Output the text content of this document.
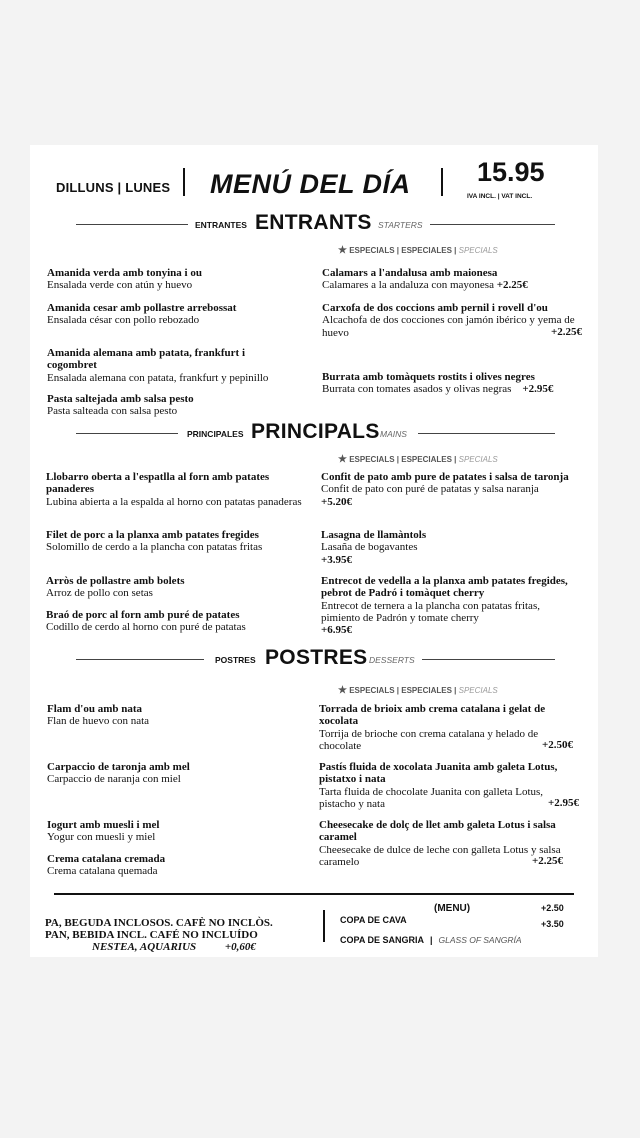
DILLUNS | LUNES MENÚ DEL DÍA 15.95
IVA INCL. | VAT INCL.
ENTRANTES ENTRANTS STARTERS
★ ESPECIALS | ESPECIALES | SPECIALS
Amanida verda amb tonyina i ou
Ensalada verde con atún y huevo
Amanida cesar amb pollastre arrebossat
Ensalada césar con pollo rebozado
Amanida alemana amb patata, frankfurt i cogombret
Ensalada alemana con patata, frankfurt y pepinillo
Pasta saltejada amb salsa pesto
Pasta salteada con salsa pesto
Calamars a l'andalusa amb maionesa
Calamares a la andaluza con mayonesa +2.25€
Carxofa de dos coccions amb pernil i rovell d'ou
Alcachofa de dos cocciones con jamón ibérico y yema de huevo	+2.25€
Burrata amb tomàquets rostits i olives negres
Burrata con tomates asados y olivas negras +2.95€
PRINCIPALES PRINCIPALS MAINS
★ ESPECIALS | ESPECIALES | SPECIALS
Llobarro oberta a l'espatlla al forn amb patates panaderes
Lubina abierta a la espalda al horno con patatas panaderas
Filet de porc a la planxa amb patates fregides
Solomillo de cerdo a la plancha con patatas fritas
Arròs de pollastre amb bolets
Arroz de pollo con setas
Braó de porc al forn amb puré de patates
Codillo de cerdo al horno con puré de patatas
Confit de pato amb pure de patates i salsa de taronja
Confit de pato con puré de patatas y salsa naranja
+5.20€
Lasagna de llamàntols
Lasaña de bogavantes
+3.95€
Entrecot de vedella a la planxa amb patates fregides, pebrot de Padró i tomàquet cherry
Entrecot de ternera a la plancha con patatas fritas, pimiento de Padrón y tomate cherry
+6.95€
POSTRES POSTRES DESSERTS
★ ESPECIALS | ESPECIALES | SPECIALS
Flam d'ou amb nata
Flan de huevo con nata
Carpaccio de taronja amb mel
Carpaccio de naranja con miel
Iogurt amb muesli i mel
Yogur con muesli y miel
Crema catalana cremada
Crema catalana quemada
Torrada de brioix amb crema catalana i gelat de xocolata
Torrija de brioche con crema catalana y helado de chocolate	+2.50€
Pastís fluida de xocolata Juanita amb galeta Lotus, pistatxo i nata
Tarta fluida de chocolate Juanita con galleta Lotus, pistacho y nata	+2.95€
Cheesecake de dolç de llet amb galeta Lotus i salsa caramel
Cheesecake de dulce de leche con galleta Lotus y salsa caramelo	+2.25€
PA, BEGUDA INCLOSOS. CAFÈ NO INCLÒS.
PAN, BEBIDA INCL. CAFÉ NO INCLUÍDO
NESTEA, AQUARIUS	+0,60€
(MENU)
COPA DE CAVA
+2.50
COPA DE SANGRIA | GLASS OF SANGRÍA
+3.50
